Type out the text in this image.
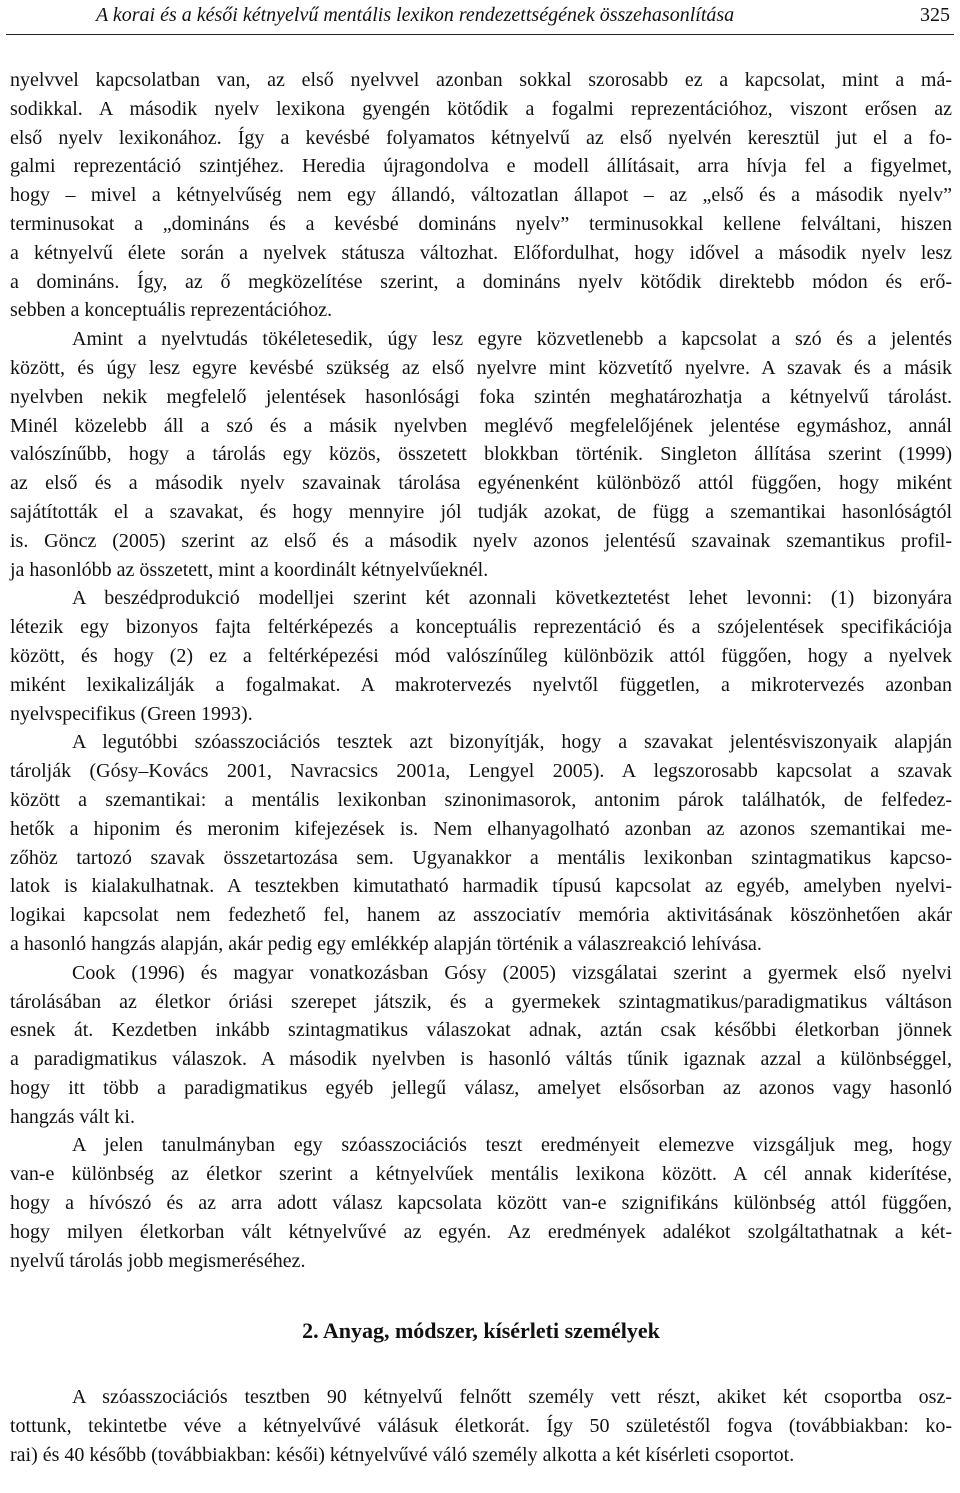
A korai és a késői kétnyelvű mentális lexikon rendezettségének összehasonlítása	325
nyelvvel kapcsolatban van, az első nyelvvel azonban sokkal szorosabb ez a kapcsolat, mint a má-
sodikkal. A második nyelv lexikona gyengén kötődik a fogalmi reprezentációhoz, viszont erősen az
első nyelv lexikonához. Így a kevésbé folyamatos kétnyelvű az első nyelvén keresztül jut el a fo-
galmi reprezentáció szintjéhez. Heredia újragondolva e modell állításait, arra hívja fel a figyelmet,
hogy – mivel a kétnyelvűség nem egy állandó, változatlan állapot – az „első és a második nyelv”
terminusokat a „domináns és a kevésbé domináns nyelv” terminusokkal kellene felváltani, hiszen
a kétnyelvű élete során a nyelvek státusza változhat. Előfordulhat, hogy idővel a második nyelv lesz
a domináns. Így, az ő megközelítése szerint, a domináns nyelv kötődik direktebb módon és erő-
sebben a konceptuális reprezentációhoz.
Amint a nyelvtudás tökéletesedik, úgy lesz egyre közvetlenebb a kapcsolat a szó és a jelentés
között, és úgy lesz egyre kevésbé szükség az első nyelvre mint közvetítő nyelvre. A szavak és a másik
nyelvben nekik megfelelő jelentések hasonlósági foka szintén meghatározhatja a kétnyelvű tárolást.
Minél közelebb áll a szó és a másik nyelvben meglévő megfelelőjének jelentése egymáshoz, annál
valószínűbb, hogy a tárolás egy közös, összetett blokkban történik. Singleton állítása szerint (1999)
az első és a második nyelv szavainak tárolása egyénenként különböző attól függően, hogy miként
sajátították el a szavakat, és hogy mennyire jól tudják azokat, de függ a szemantikai hasonlóságtól
is. Göncz (2005) szerint az első és a második nyelv azonos jelentésű szavainak szemantikus profil-
ja hasonlóbb az összetett, mint a koordinált kétnyelvűeknél.
A beszédprodukció modelljei szerint két azonnali következtetést lehet levonni: (1) bizonyára
létezik egy bizonyos fajta feltérképezés a konceptuális reprezentáció és a szójelentések specifikációja
között, és hogy (2) ez a feltérképezési mód valószínűleg különbözik attól függően, hogy a nyelvek
miként lexikalizálják a fogalmakat. A makrotervezés nyelvtől független, a mikrotervezés azonban
nyelvspecifikus (Green 1993).
A legutóbbi szóasszociációs tesztek azt bizonyítják, hogy a szavakat jelentésviszonyaik alapján
tárolják (Gósy–Kovács 2001, Navracsics 2001a, Lengyel 2005). A legszorosabb kapcsolat a szavak
között a szemantikai: a mentális lexikonban szinonimasorok, antonim párok találhatók, de felfedez-
hetők a hiponim és meronim kifejezések is. Nem elhanyagolható azonban az azonos szemantikai me-
zőhöz tartozó szavak összetartozása sem. Ugyanakkor a mentális lexikonban szintagmatikus kapcso-
latok is kialakulhatnak. A tesztekben kimutatható harmadik típusú kapcsolat az egyéb, amelyben nyelvi-
logikai kapcsolat nem fedezhető fel, hanem az asszociatív memória aktivitásának köszönhetően akár
a hasonló hangzás alapján, akár pedig egy emlékkép alapján történik a válaszreakció lehívása.
Cook (1996) és magyar vonatkozásban Gósy (2005) vizsgálatai szerint a gyermek első nyelvi
tárolásában az életkor óriási szerepet játszik, és a gyermekek szintagmatikus/paradigmatikus váltáson
esnek át. Kezdetben inkább szintagmatikus válaszokat adnak, aztán csak későbbi életkorban jönnek
a paradigmatikus válaszok. A második nyelvben is hasonló váltás tűnik igaznak azzal a különbséggel,
hogy itt több a paradigmatikus egyéb jellegű válasz, amelyet elsősorban az azonos vagy hasonló
hangzás vált ki.
A jelen tanulmányban egy szóasszociációs teszt eredményeit elemezve vizsgáljuk meg, hogy
van-e különbség az életkor szerint a kétnyelvűek mentális lexikona között. A cél annak kiderítése,
hogy a hívószó és az arra adott válasz kapcsolata között van-e szignifikáns különbség attól függően,
hogy milyen életkorban vált kétnyelvűvé az egyén. Az eredmények adalékot szolgáltathatnak a két-
nyelvű tárolás jobb megismeréséhez.
2. Anyag, módszer, kísérleti személyek
A szóasszociációs tesztben 90 kétnyelvű felnőtt személy vett részt, akiket két csoportba osz-
tottunk, tekintetbe véve a kétnyelvűvé válásuk életkorát. Így 50 születéstől fogva (továbbiakban: ko-
rai) és 40 később (továbbiakban: késői) kétnyelvűvé váló személy alkotta a két kísérleti csoportot.
